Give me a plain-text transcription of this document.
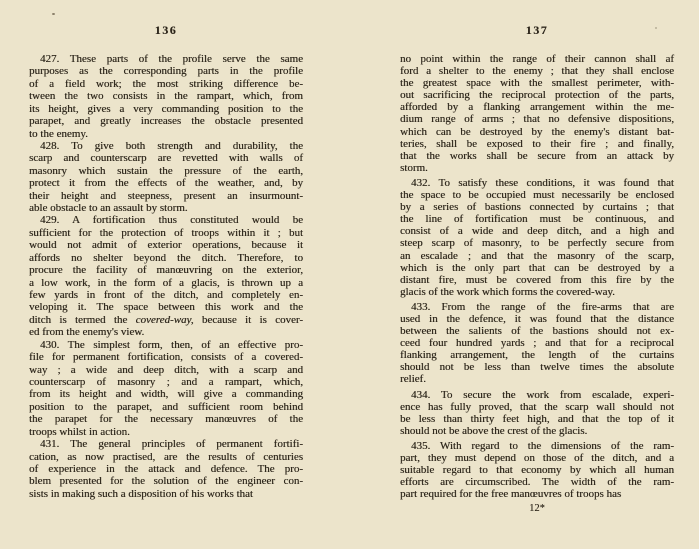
136
427. These parts of the profile serve the same
purposes as the corresponding parts in the profile
of a field work; the most striking difference be-
tween the two consists in the rampart, which, from
its height, gives a very commanding position to the
parapet, and greatly increases the obstacle presented
to the enemy.
428. To give both strength and durability, the
scarp and counterscarp are revetted with walls of
masonry which sustain the pressure of the earth,
protect it from the effects of the weather, and, by
their height and steepness, present an insurmount-
able obstacle to an assault by storm.
429. A fortification thus constituted would be
sufficient for the protection of troops within it ; but
would not admit of exterior operations, because it
affords no shelter beyond the ditch. Therefore, to
procure the facility of manœuvring on the exterior,
a low work, in the form of a glacis, is thrown up a
few yards in front of the ditch, and completely en-
veloping it. The space between this work and the
ditch is termed the covered-way, because it is cover-
ed from the enemy's view.
430. The simplest form, then, of an effective pro-
file for permanent fortification, consists of a covered-
way ; a wide and deep ditch, with a scarp and
counterscarp of masonry ; and a rampart, which,
from its height and width, will give a commanding
position to the parapet, and sufficient room behind
the parapet for the necessary manœuvres of the
troops whilst in action.
431. The general principles of permanent fortifi-
cation, as now practised, are the results of centuries
of experience in the attack and defence. The pro-
blem presented for the solution of the engineer con-
sists in making such a disposition of his works that
137
no point within the range of their cannon shall af
ford a shelter to the enemy ; that they shall enclose
the greatest space with the smallest perimeter, with-
out sacrificing the reciprocal protection of the parts,
afforded by a flanking arrangement within the me-
dium range of arms ; that no defensive dispositions,
which can be destroyed by the enemy's distant bat-
teries, shall be exposed to their fire ; and finally,
that the works shall be secure from an attack by
storm.
432. To satisfy these conditions, it was found that
the space to be occupied must necessarily be enclosed
by a series of bastions connected by curtains ; that
the line of fortification must be continuous, and
consist of a wide and deep ditch, and a high and
steep scarp of masonry, to be perfectly secure from
an escalade ; and that the masonry of the scarp,
which is the only part that can be destroyed by a
distant fire, must be covered from this fire by the
glacis of the work which forms the covered-way.
433. From the range of the fire-arms that are
used in the defence, it was found that the distance
between the salients of the bastions should not ex-
ceed four hundred yards ; and that for a reciprocal
flanking arrangement, the length of the curtains
should not be less than twelve times the absolute
relief.
434. To secure the work from escalade, experi-
ence has fully proved, that the scarp wall should not
be less than thirty feet high, and that the top of it
should not be above the crest of the glacis.
435. With regard to the dimensions of the ram-
part, they must depend on those of the ditch, and a
suitable regard to that economy by which all human
efforts are circumscribed. The width of the ram-
part required for the free manœuvres of troops has
12*
